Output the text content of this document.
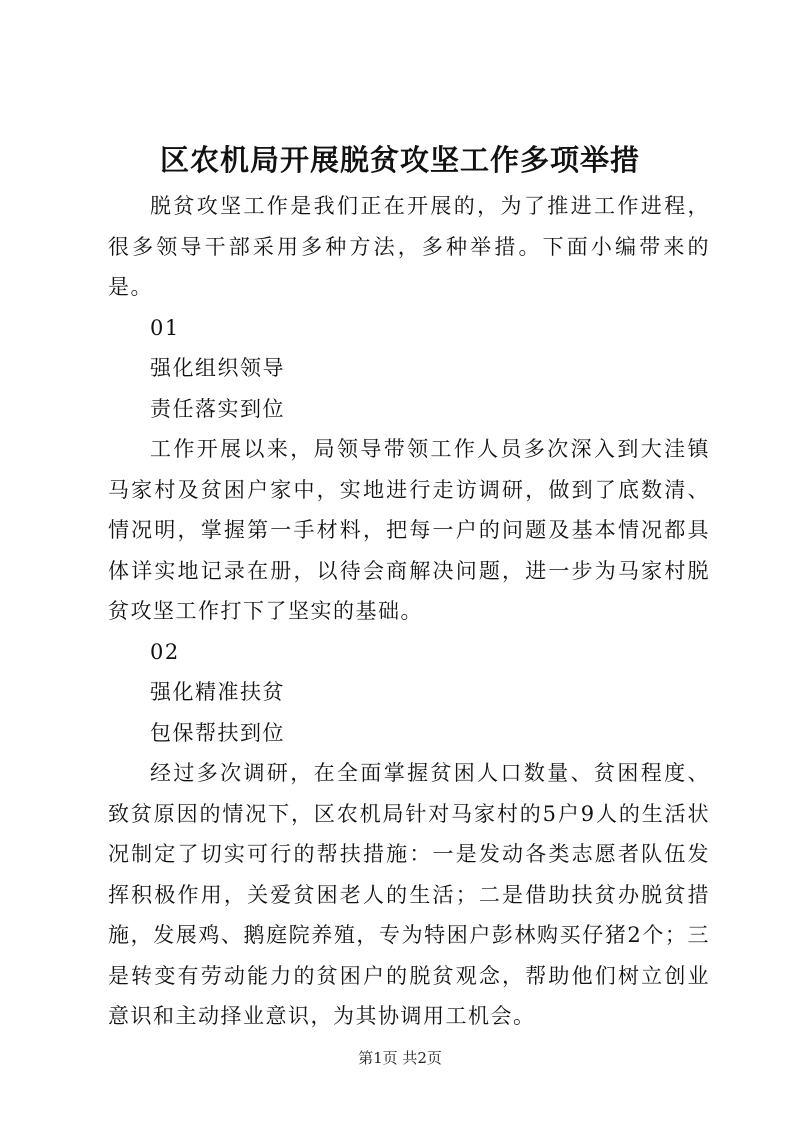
区农机局开展脱贫攻坚工作多项举措

脱贫攻坚工作是我们正在开展的，为了推进工作进程，很多领导干部采用多种方法，多种举措。下面小编带来的是。

01

强化组织领导

责任落实到位

工作开展以来，局领导带领工作人员多次深入到大洼镇马家村及贫困户家中，实地进行走访调研，做到了底数清、情况明，掌握第一手材料，把每一户的问题及基本情况都具体详实地记录在册，以待会商解决问题，进一步为马家村脱贫攻坚工作打下了坚实的基础。

02

强化精准扶贫

包保帮扶到位

经过多次调研，在全面掌握贫困人口数量、贫困程度、致贫原因的情况下，区农机局针对马家村的5户9人的生活状况制定了切实可行的帮扶措施：一是发动各类志愿者队伍发挥积极作用，关爱贫困老人的生活；二是借助扶贫办脱贫措施，发展鸡、鹅庭院养殖，专为特困户彭林购买仔猪2个；三是转变有劳动能力的贫困户的脱贫观念，帮助他们树立创业意识和主动择业意识，为其协调用工机会。

第1页 共2页
